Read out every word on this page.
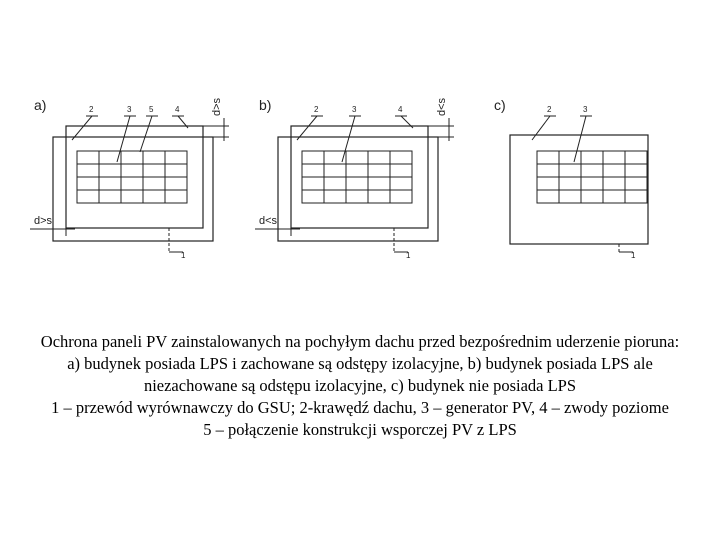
a)	2	3 5	4
1
d>s
d>s
b)	2	3	4
1
d<s
d<s
c)	2	3
1
Ochrona paneli PV zainstalowanych na pochyłym dachu przed bezpośrednim uderzenie pioruna:
a) budynek posiada LPS i zachowane są odstępy izolacyjne, b) budynek posiada LPS ale
niezachowane są odstępu izolacyjne, c) budynek nie posiada LPS
1 – przewód wyrównawczy do GSU; 2-krawędź dachu, 3 – generator PV, 4 – zwody poziome
5 – połączenie konstrukcji wsporczej PV z LPS
